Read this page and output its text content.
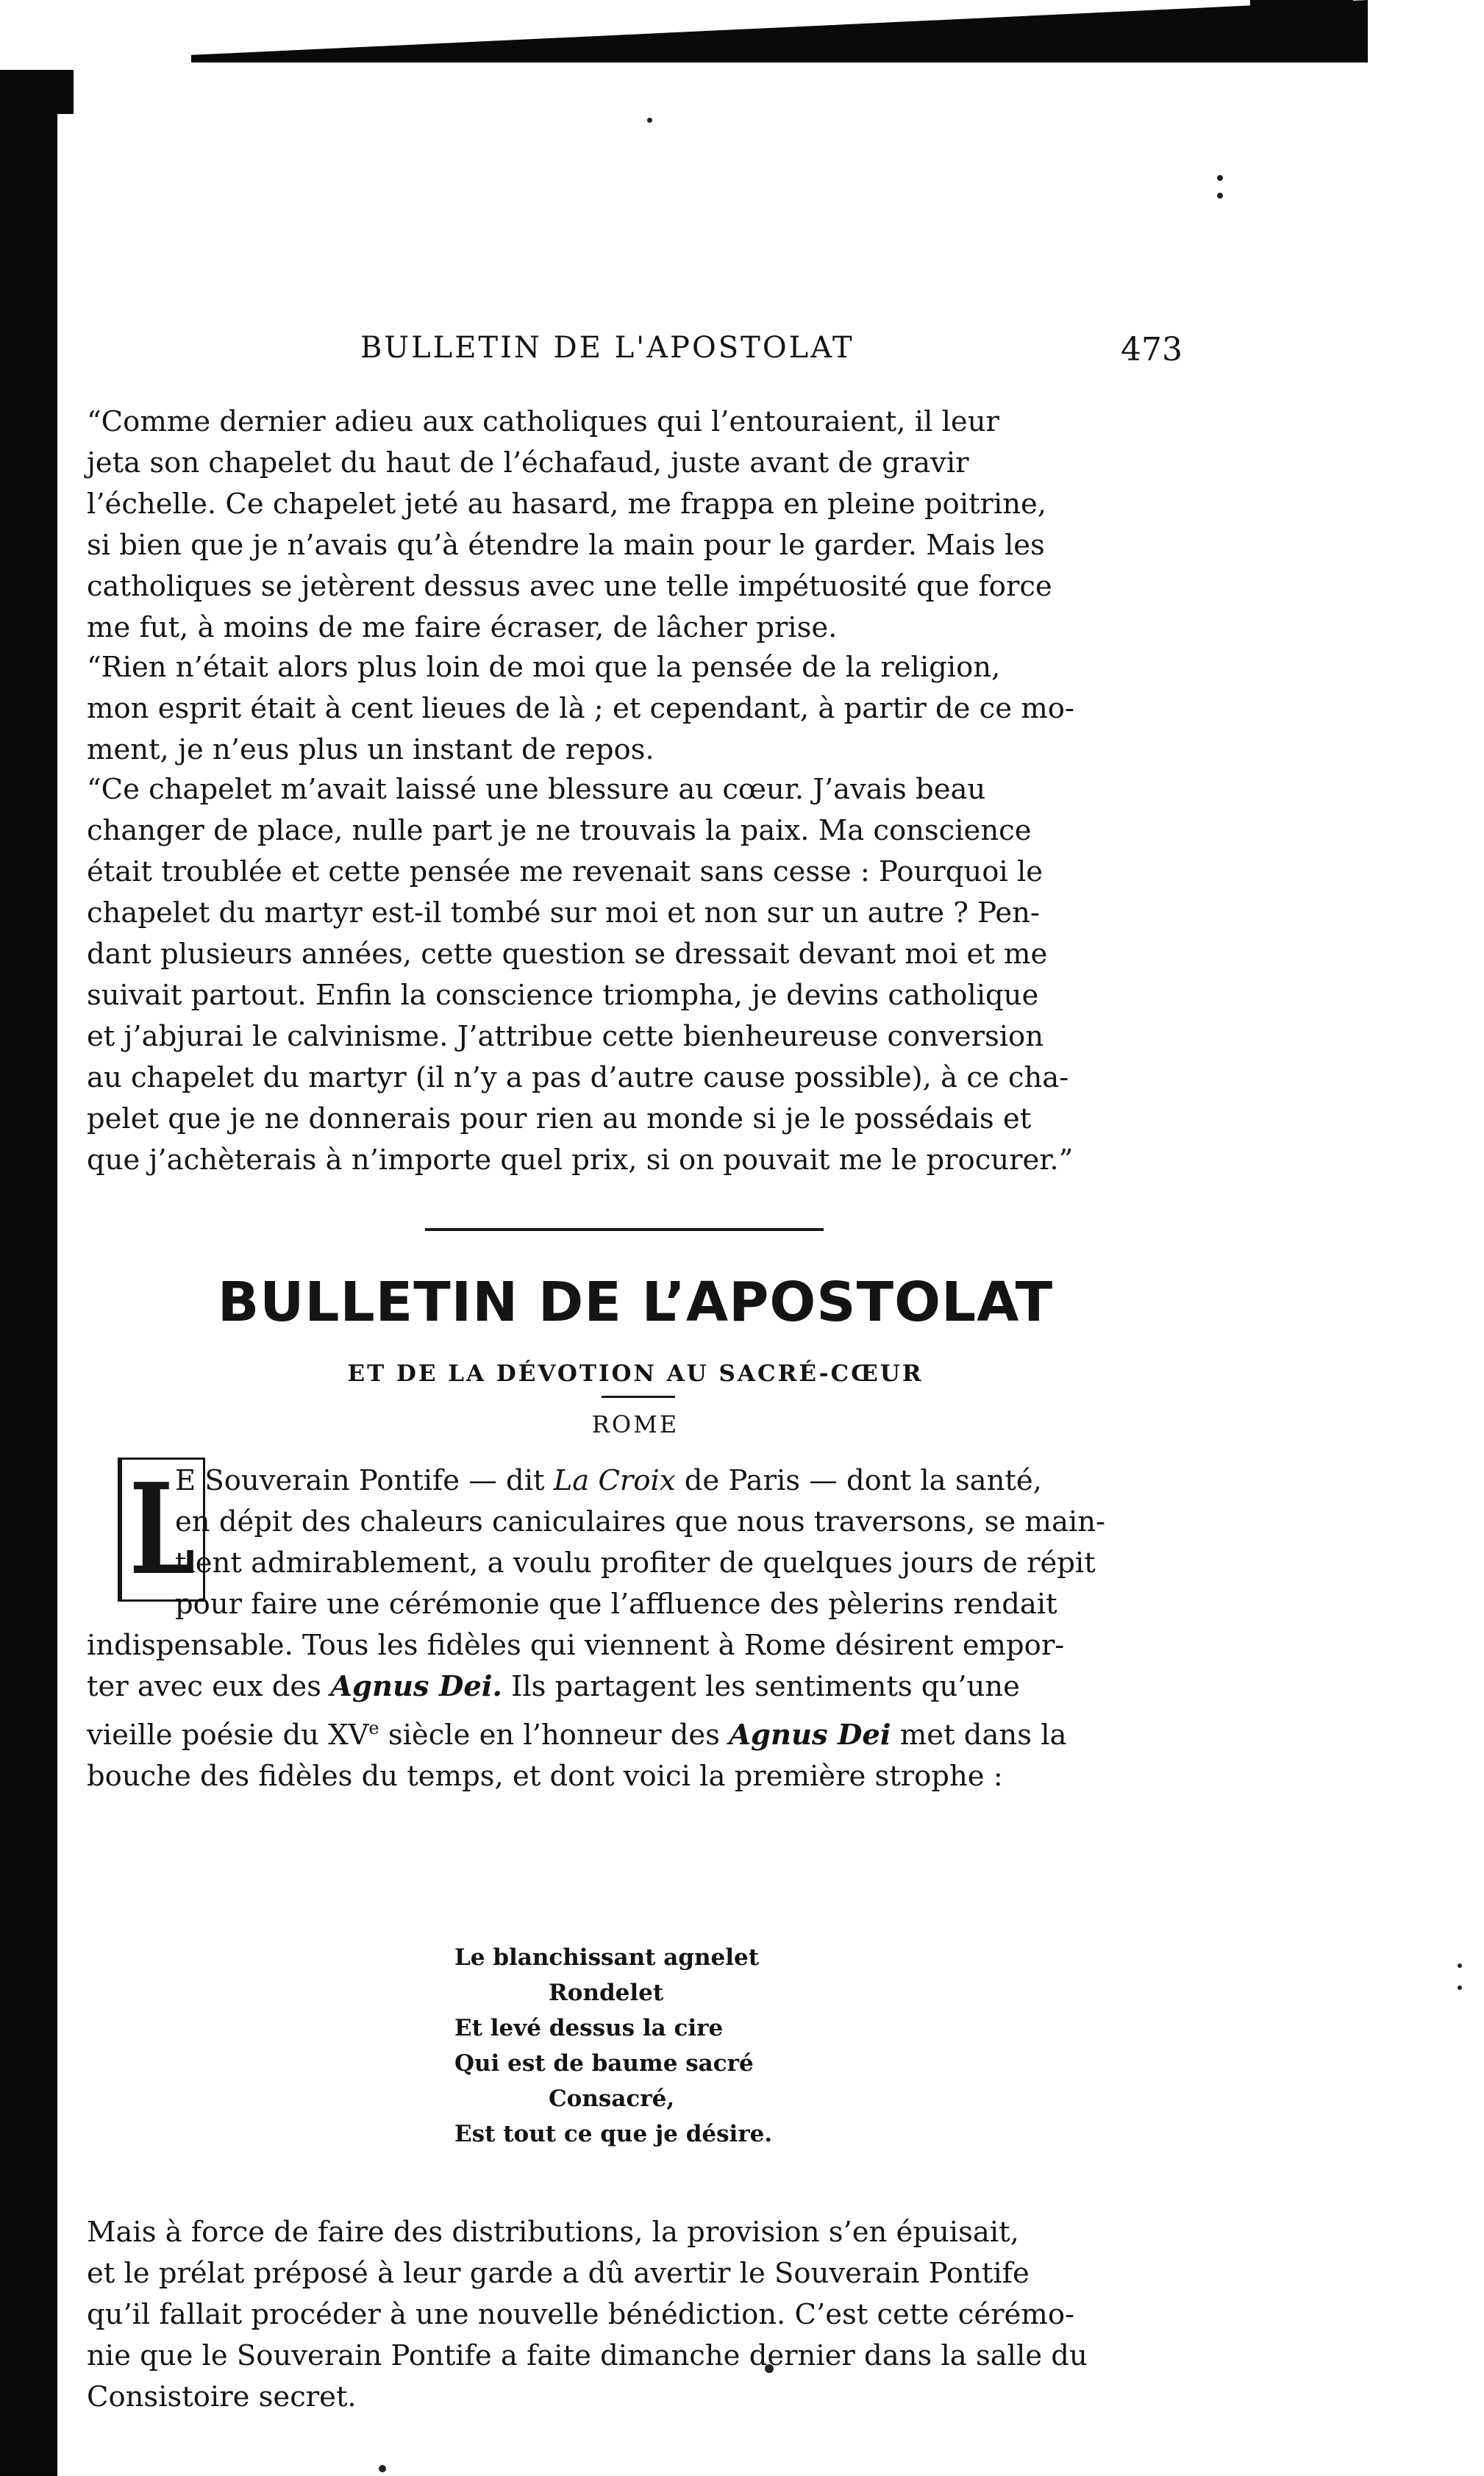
BULLETIN DE L'APOSTOLAT	473

“Comme dernier adieu aux catholiques qui l’entouraient, il leur
jeta son chapelet du haut de l’échafaud, juste avant de gravir
l’échelle. Ce chapelet jeté au hasard, me frappa en pleine poitrine,
si bien que je n’avais qu’à étendre la main pour le garder. Mais les
catholiques se jetèrent dessus avec une telle impétuosité que force
me fut, à moins de me faire écraser, de lâcher prise.

“Rien n’était alors plus loin de moi que la pensée de la religion,
mon esprit était à cent lieues de là ; et cependant, à partir de ce mo-
ment, je n’eus plus un instant de repos.

“Ce chapelet m’avait laissé une blessure au cœur. J’avais beau
changer de place, nulle part je ne trouvais la paix. Ma conscience
était troublée et cette pensée me revenait sans cesse : Pourquoi le
chapelet du martyr est-il tombé sur moi et non sur un autre ? Pen-
dant plusieurs années, cette question se dressait devant moi et me
suivait partout. Enfin la conscience triompha, je devins catholique
et j’abjurai le calvinisme. J’attribue cette bienheureuse conversion
au chapelet du martyr (il n’y a pas d’autre cause possible), à ce cha-
pelet que je ne donnerais pour rien au monde si je le possédais et
que j’achèterais à n’importe quel prix, si on pouvait me le procurer.”

BULLETIN DE L’APOSTOLAT
ET DE LA DÉVOTION AU SACRÉ-CŒUR
ROME
L

E Souverain Pontife — dit La Croix de Paris — dont la santé,
en dépit des chaleurs caniculaires que nous traversons, se main-
tient admirablement, a voulu profiter de quelques jours de répit
pour faire une cérémonie que l’affluence des pèlerins rendait
indispensable. Tous les fidèles qui viennent à Rome désirent empor-
ter avec eux des Agnus Dei. Ils partagent les sentiments qu’une
vieille poésie du XVe siècle en l’honneur des Agnus Dei met dans la
bouche des fidèles du temps, et dont voici la première strophe :

Le blanchissant agnelet
Rondelet
Et levé dessus la cire
Qui est de baume sacré
Consacré,
Est tout ce que je désire.

Mais à force de faire des distributions, la provision s’en épuisait,
et le prélat préposé à leur garde a dû avertir le Souverain Pontife
qu’il fallait procéder à une nouvelle bénédiction. C’est cette cérémo-
nie que le Souverain Pontife a faite dimanche dernier dans la salle du
Consistoire secret.
